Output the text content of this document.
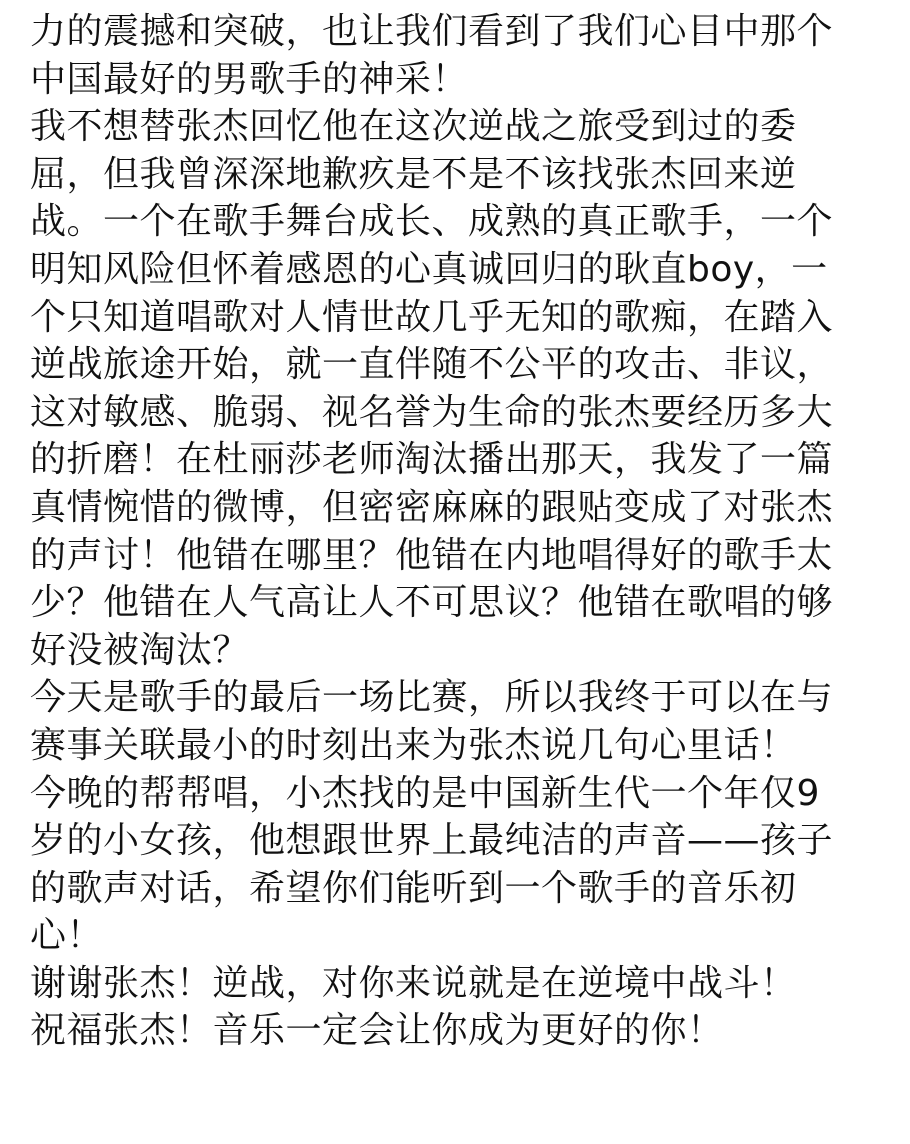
力的震撼和突破，也让我们看到了我们心目中那个
中国最好的男歌手的神采！
我不想替张杰回忆他在这次逆战之旅受到过的委
屈，但我曾深深地歉疚是不是不该找张杰回来逆
战。一个在歌手舞台成长、成熟的真正歌手，一个
明知风险但怀着感恩的心真诚回归的耿直boy，一
个只知道唱歌对人情世故几乎无知的歌痴，在踏入
逆战旅途开始，就一直伴随不公平的攻击、非议，
这对敏感、脆弱、视名誉为生命的张杰要经历多大
的折磨！在杜丽莎老师淘汰播出那天，我发了一篇
真情惋惜的微博，但密密麻麻的跟贴变成了对张杰
的声讨！他错在哪里？他错在内地唱得好的歌手太
少？他错在人气高让人不可思议？他错在歌唱的够
好没被淘汰？
今天是歌手的最后一场比赛，所以我终于可以在与
赛事关联最小的时刻出来为张杰说几句心里话！
今晚的帮帮唱，小杰找的是中国新生代一个年仅9
岁的小女孩，他想跟世界上最纯洁的声音——孩子
的歌声对话，希望你们能听到一个歌手的音乐初
心！
谢谢张杰！逆战，对你来说就是在逆境中战斗！
祝福张杰！音乐一定会让你成为更好的你！
